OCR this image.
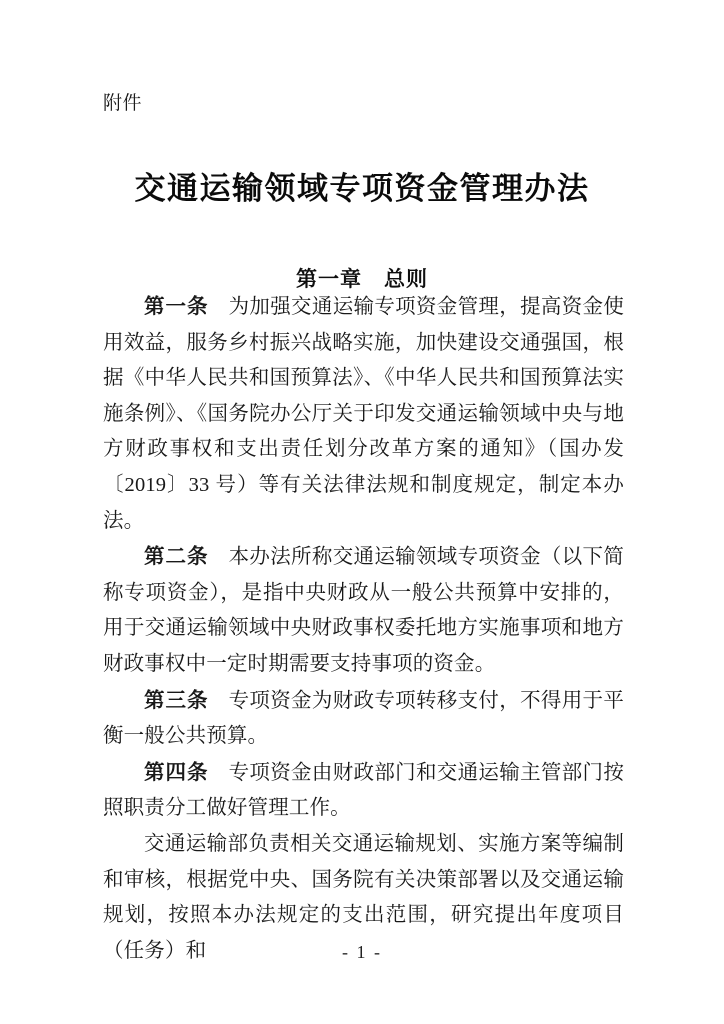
附件
交通运输领域专项资金管理办法
第一章　总则

第一条 为加强交通运输专项资金管理，提高资金使用效益，服务乡村振兴战略实施，加快建设交通强国，根据《中华人民共和国预算法》、《中华人民共和国预算法实施条例》、《国务院办公厅关于印发交通运输领域中央与地方财政事权和支出责任划分改革方案的通知》（国办发〔2019〕33 号）等有关法律法规和制度规定，制定本办法。

第二条 本办法所称交通运输领域专项资金（以下简称专项资金），是指中央财政从一般公共预算中安排的，用于交通运输领域中央财政事权委托地方实施事项和地方财政事权中一定时期需要支持事项的资金。

第三条 专项资金为财政专项转移支付，不得用于平衡一般公共预算。

第四条 专项资金由财政部门和交通运输主管部门按照职责分工做好管理工作。

交通运输部负责相关交通运输规划、实施方案等编制和审核，根据党中央、国务院有关决策部署以及交通运输规划，按照本办法规定的支出范围，研究提出年度项目（任务）和	- 1 -
